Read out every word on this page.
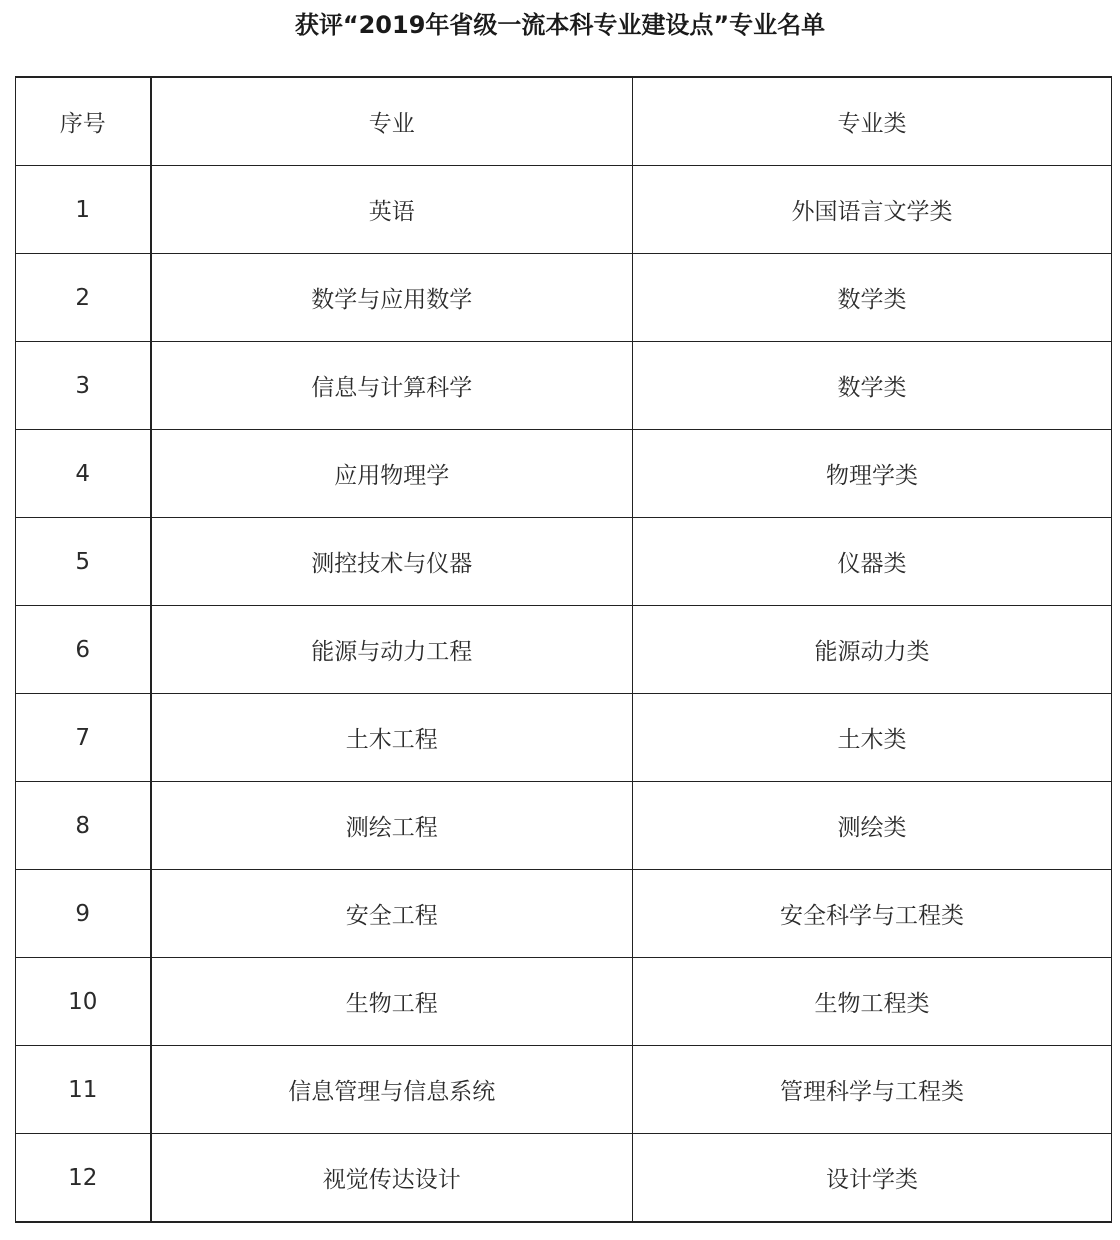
获评“2019年省级一流本科专业建设点”专业名单
序号	专业	专业类
1	英语	外国语言文学类
2	数学与应用数学	数学类
3	信息与计算科学	数学类
4	应用物理学	物理学类
5	测控技术与仪器	仪器类
6	能源与动力工程	能源动力类
7	土木工程	土木类
8	测绘工程	测绘类
9	安全工程	安全科学与工程类
10	生物工程	生物工程类
11	信息管理与信息系统	管理科学与工程类
12	视觉传达设计	设计学类
